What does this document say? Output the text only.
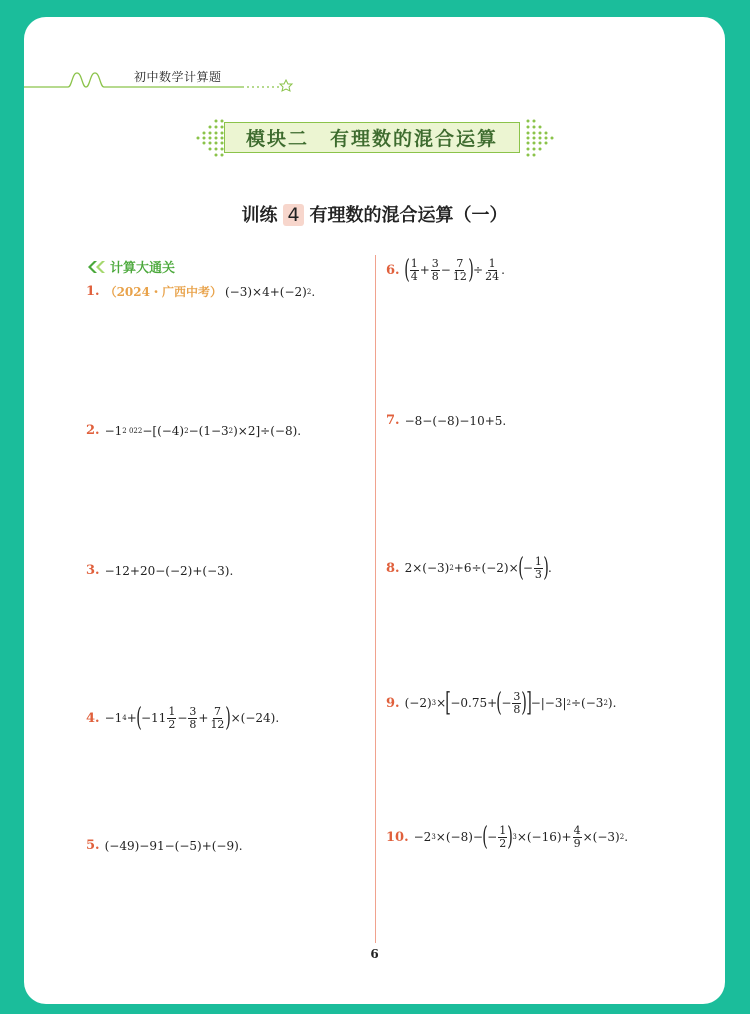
初中数学计算题
模块二　有理数的混合运算
训练 4 有理数的混合运算（一）
计算大通关
1. （2024・广西中考） (−3)×4+(−2) 2 .
2. −1 2 022 −[(−4) 2 −(1−3 2 )×2]÷(−8).
3. −12+20−(−2)+(−3).
4. −1 4 + ( −1 $1 \frac{1}{2} - \frac{3}{8} + \frac{7}{12}$ ) ×(−24).
5. (−49)−91−(−5)+(−9).
6. ( $\frac{1}{4} + \frac{3}{8} - \frac{7}{12}$ ) ÷ $\frac{1}{24}$ .
7. −8−(−8)−10+5.
8. 2×(−3) 2 +6÷(−2)× ( − $\frac{1}{3}$ ) .
9. (−2) 3 × [ −0.75+ ( − $\frac{3}{8}$ )
] −|−3| 2 ÷(−3 2 ).
10. −2 3 ×(−8)− ( − $\frac{1}{2}$ ) $3 \times(-16)+ \frac{4}{9} \times(-3)$ 2 .
6
